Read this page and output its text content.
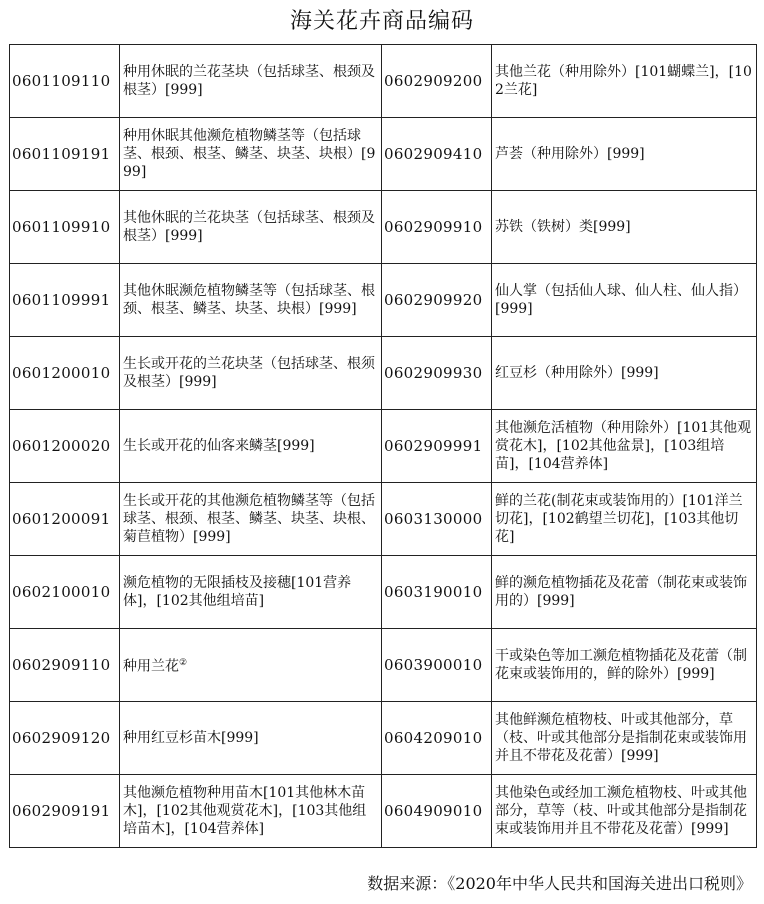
海关花卉商品编码
0601109110	种用休眠的兰花茎块（包括球茎、根颈及根茎）[999]	0602909200	其他兰花（种用除外）[101蝴蝶兰]，[102兰花]
0601109191	种用休眠其他濒危植物鳞茎等（包括球茎、根颈、根茎、鳞茎、块茎、块根）[999]	0602909410	芦荟（种用除外）[999]
0601109910	其他休眠的兰花块茎（包括球茎、根颈及根茎）[999]	0602909910	苏铁（铁树）类[999]
0601109991	其他休眠濒危植物鳞茎等（包括球茎、根颈、根茎、鳞茎、块茎、块根）[999]	0602909920	仙人掌（包括仙人球、仙人柱、仙人指）[999]
0601200010	生长或开花的兰花块茎（包括球茎、根须及根茎）[999]	0602909930	红豆杉（种用除外）[999]
0601200020	生长或开花的仙客来鳞茎[999]	0602909991	其他濒危活植物（种用除外）[101其他观赏花木]，[102其他盆景]，[103组培苗]，[104营养体]
0601200091	生长或开花的其他濒危植物鳞茎等（包括球茎、根颈、根茎、鳞茎、块茎、块根、菊苣植物）[999]	0603130000	鲜的兰花(制花束或装饰用的）[101洋兰切花]，[102鹤望兰切花]，[103其他切花]
0602100010	濒危植物的无限插枝及接穗[101营养体]，[102其他组培苗]	0603190010	鲜的濒危植物插花及花蕾（制花束或装饰用的）[999]
0602909110	种用兰花②	0603900010	干或染色等加工濒危植物插花及花蕾（制花束或装饰用的，鲜的除外）[999]
0602909120	种用红豆杉苗木[999]	0604209010	其他鲜濒危植物枝、叶或其他部分，草（枝、叶或其他部分是指制花束或装饰用并且不带花及花蕾）[999]
0602909191	其他濒危植物种用苗木[101其他林木苗木]，[102其他观赏花木]，[103其他组培苗木]，[104营养体]	0604909010	其他染色或经加工濒危植物枝、叶或其他部分，草等（枝、叶或其他部分是指制花束或装饰用并且不带花及花蕾）[999]
数据来源：《2020年中华人民共和国海关进出口税则》
